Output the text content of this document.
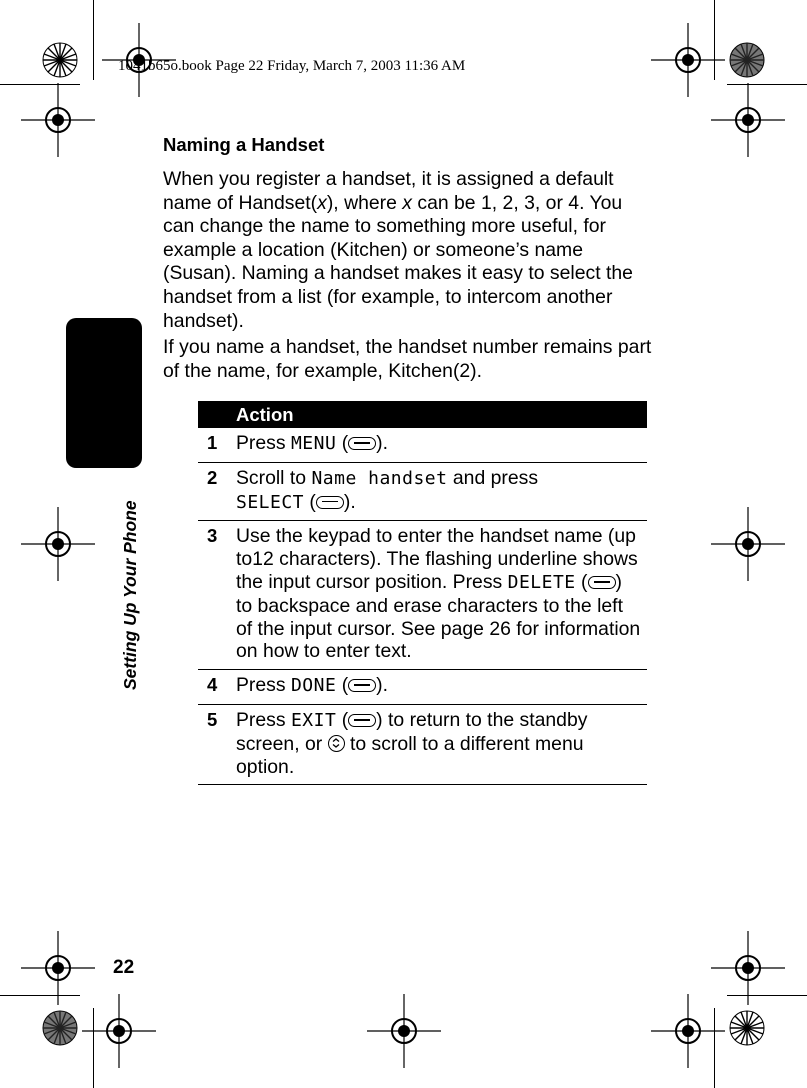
1041b65o.book Page 22 Friday, March 7, 2003 11:36 AM
Setting Up Your Phone
Naming a Handset
When you register a handset, it is assigned a default name of Handset(x), where x can be 1, 2, 3, or 4. You can change the name to something more useful, for example a location (Kitchen) or someone’s name (Susan). Naming a handset makes it easy to select the handset from a list (for example, to intercom another handset).
If you name a handset, the handset number remains part of the name, for example, Kitchen(2).
Action
1 Press MENU ( ).
2 Scroll to Name handset and press
SELECT ( ).
3 Use the keypad to enter the handset name (up to12 characters). The flashing underline shows the input cursor position. Press DELETE ( ) to backspace and erase characters to the left of the input cursor. See page 26 for information on how to enter text.
4 Press DONE ( ).
5 Press EXIT ( ) to return to the standby screen, or
to scroll to a different menu option.
22
